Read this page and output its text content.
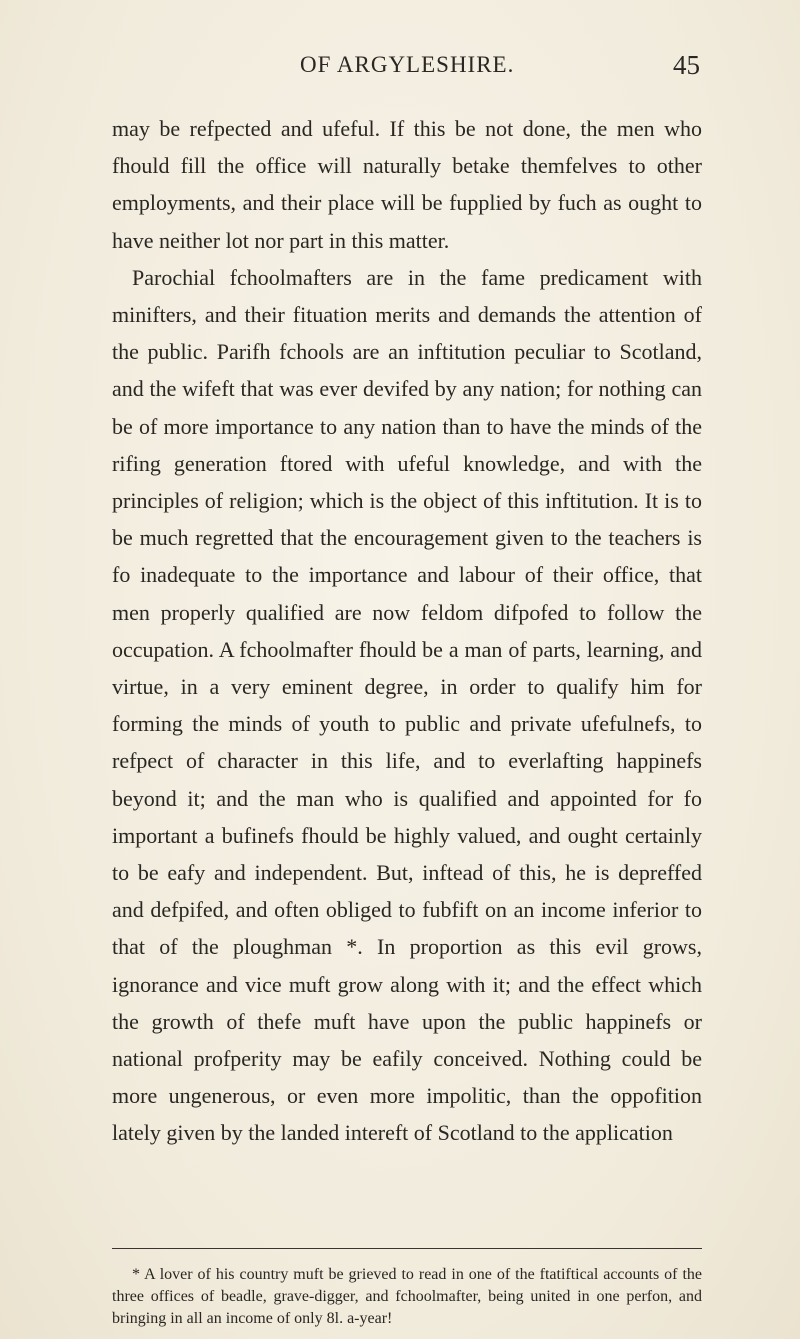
OF ARGYLESHIRE.	45

may be refpected and ufeful. If this be not done, the men who fhould fill the office will naturally betake themfelves to other employments, and their place will be fupplied by fuch as ought to have neither lot nor part in this matter.
Parochial fchoolmafters are in the fame predicament with minifters, and their fituation merits and demands the attention of the public. Parifh fchools are an inftitution peculiar to Scotland, and the wifeft that was ever devifed by any nation; for nothing can be of more importance to any nation than to have the minds of the rifing generation ftored with ufeful knowledge, and with the principles of religion; which is the object of this inftitution. It is to be much regretted that the encouragement given to the teachers is fo inadequate to the importance and labour of their office, that men properly qualified are now feldom difpofed to follow the occupation. A fchoolmafter fhould be a man of parts, learning, and virtue, in a very eminent degree, in order to qualify him for forming the minds of youth to public and private ufefulnefs, to refpect of character in this life, and to everlafting happinefs beyond it; and the man who is qualified and appointed for fo important a bufinefs fhould be highly valued, and ought certainly to be eafy and independent. But, inftead of this, he is depreffed and defpifed, and often obliged to fubfift on an income inferior to that of the ploughman *. In proportion as this evil grows, ignorance and vice muft grow along with it; and the effect which the growth of thefe muft have upon the public happinefs or national profperity may be eafily conceived. Nothing could be more ungenerous, or even more impolitic, than the oppofition lately given by the landed intereft of Scotland to the application

* A lover of his country muft be grieved to read in one of the ftatiftical accounts of the three offices of beadle, grave-digger, and fchoolmafter, being united in one perfon, and bringing in all an income of only 8l. a-year!
